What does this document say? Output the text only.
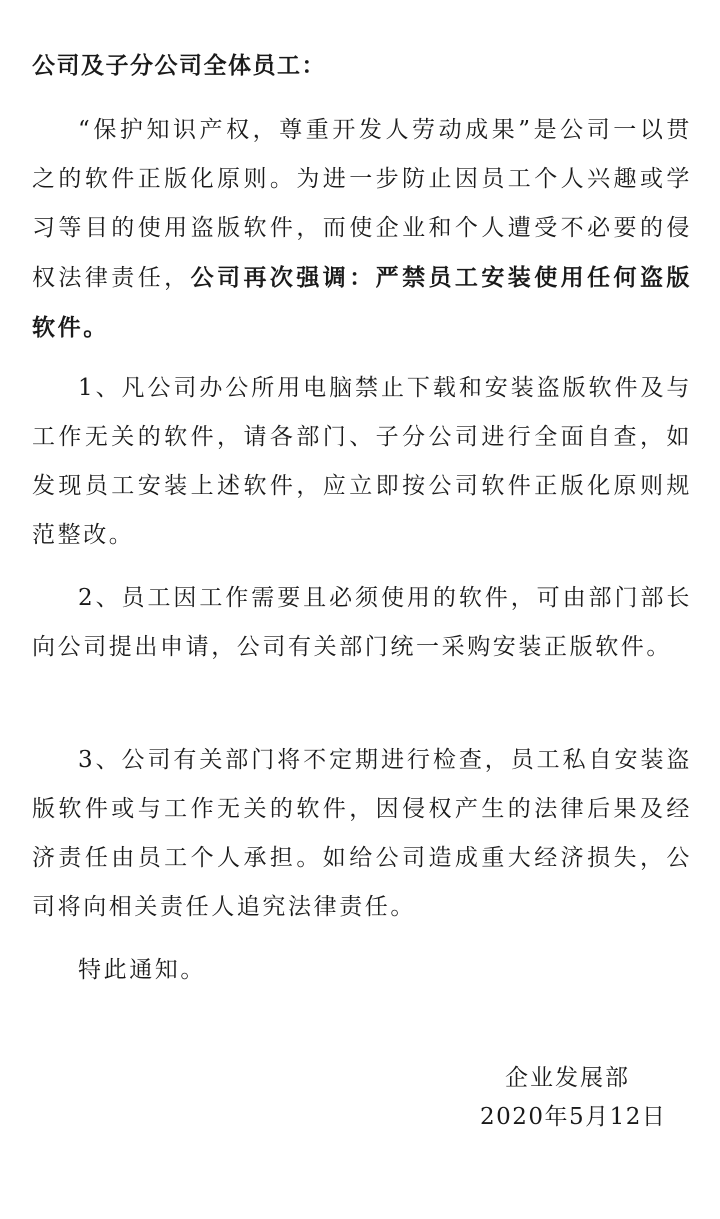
公司及子分公司全体员工：

“保护知识产权，尊重开发人劳动成果”是公司一以贯之的软件正版化原则。为进一步防止因员工个人兴趣或学习等目的使用盗版软件，而使企业和个人遭受不必要的侵权法律责任，公司再次强调：严禁员工安装使用任何盗版软件。

1、凡公司办公所用电脑禁止下载和安装盗版软件及与工作无关的软件，请各部门、子分公司进行全面自查，如发现员工安装上述软件，应立即按公司软件正版化原则规范整改。

2、员工因工作需要且必须使用的软件，可由部门部长向公司提出申请，公司有关部门统一采购安装正版软件。

3、公司有关部门将不定期进行检查，员工私自安装盗版软件或与工作无关的软件，因侵权产生的法律后果及经济责任由员工个人承担。如给公司造成重大经济损失，公司将向相关责任人追究法律责任。

特此通知。

企业发展部
2020年5月12日
